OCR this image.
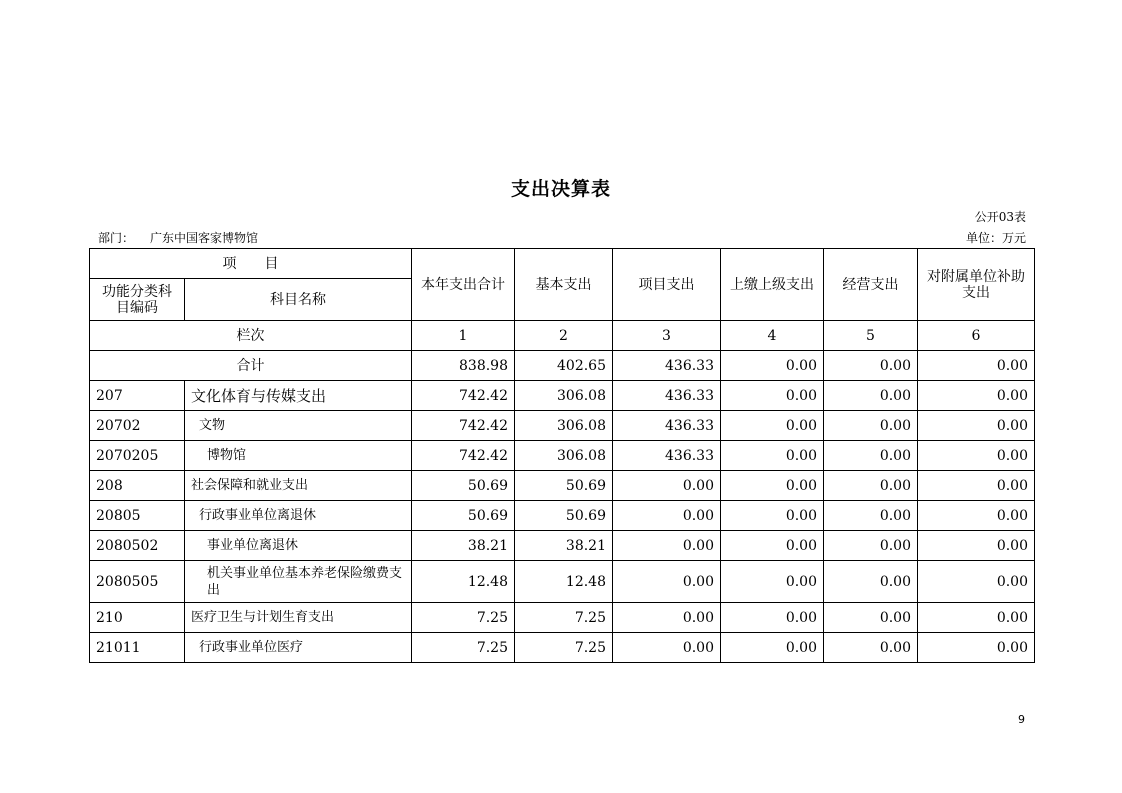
支出决算表
公开03表
部门： 广东中国客家博物馆	单位：万元
项　　目		本年支出合计	基本支出	项目支出	上缴上级支出	经营支出	对附属单位补助支出
功能分类科目编码	科目名称						
栏次		1	2	3	4	5	6
合计		838.98	402.65	436.33	0.00	0.00	0.00
207	文化体育与传媒支出	742.42	306.08	436.33	0.00	0.00	0.00
20702	文物	742.42	306.08	436.33	0.00	0.00	0.00
2070205	博物馆	742.42	306.08	436.33	0.00	0.00	0.00
208	社会保障和就业支出	50.69	50.69	0.00	0.00	0.00	0.00
20805	行政事业单位离退休	50.69	50.69	0.00	0.00	0.00	0.00
2080502	事业单位离退休	38.21	38.21	0.00	0.00	0.00	0.00
2080505	机关事业单位基本养老保险缴费支出	12.48	12.48	0.00	0.00	0.00	0.00
210	医疗卫生与计划生育支出	7.25	7.25	0.00	0.00	0.00	0.00
21011	行政事业单位医疗	7.25	7.25	0.00	0.00	0.00	0.00
9
